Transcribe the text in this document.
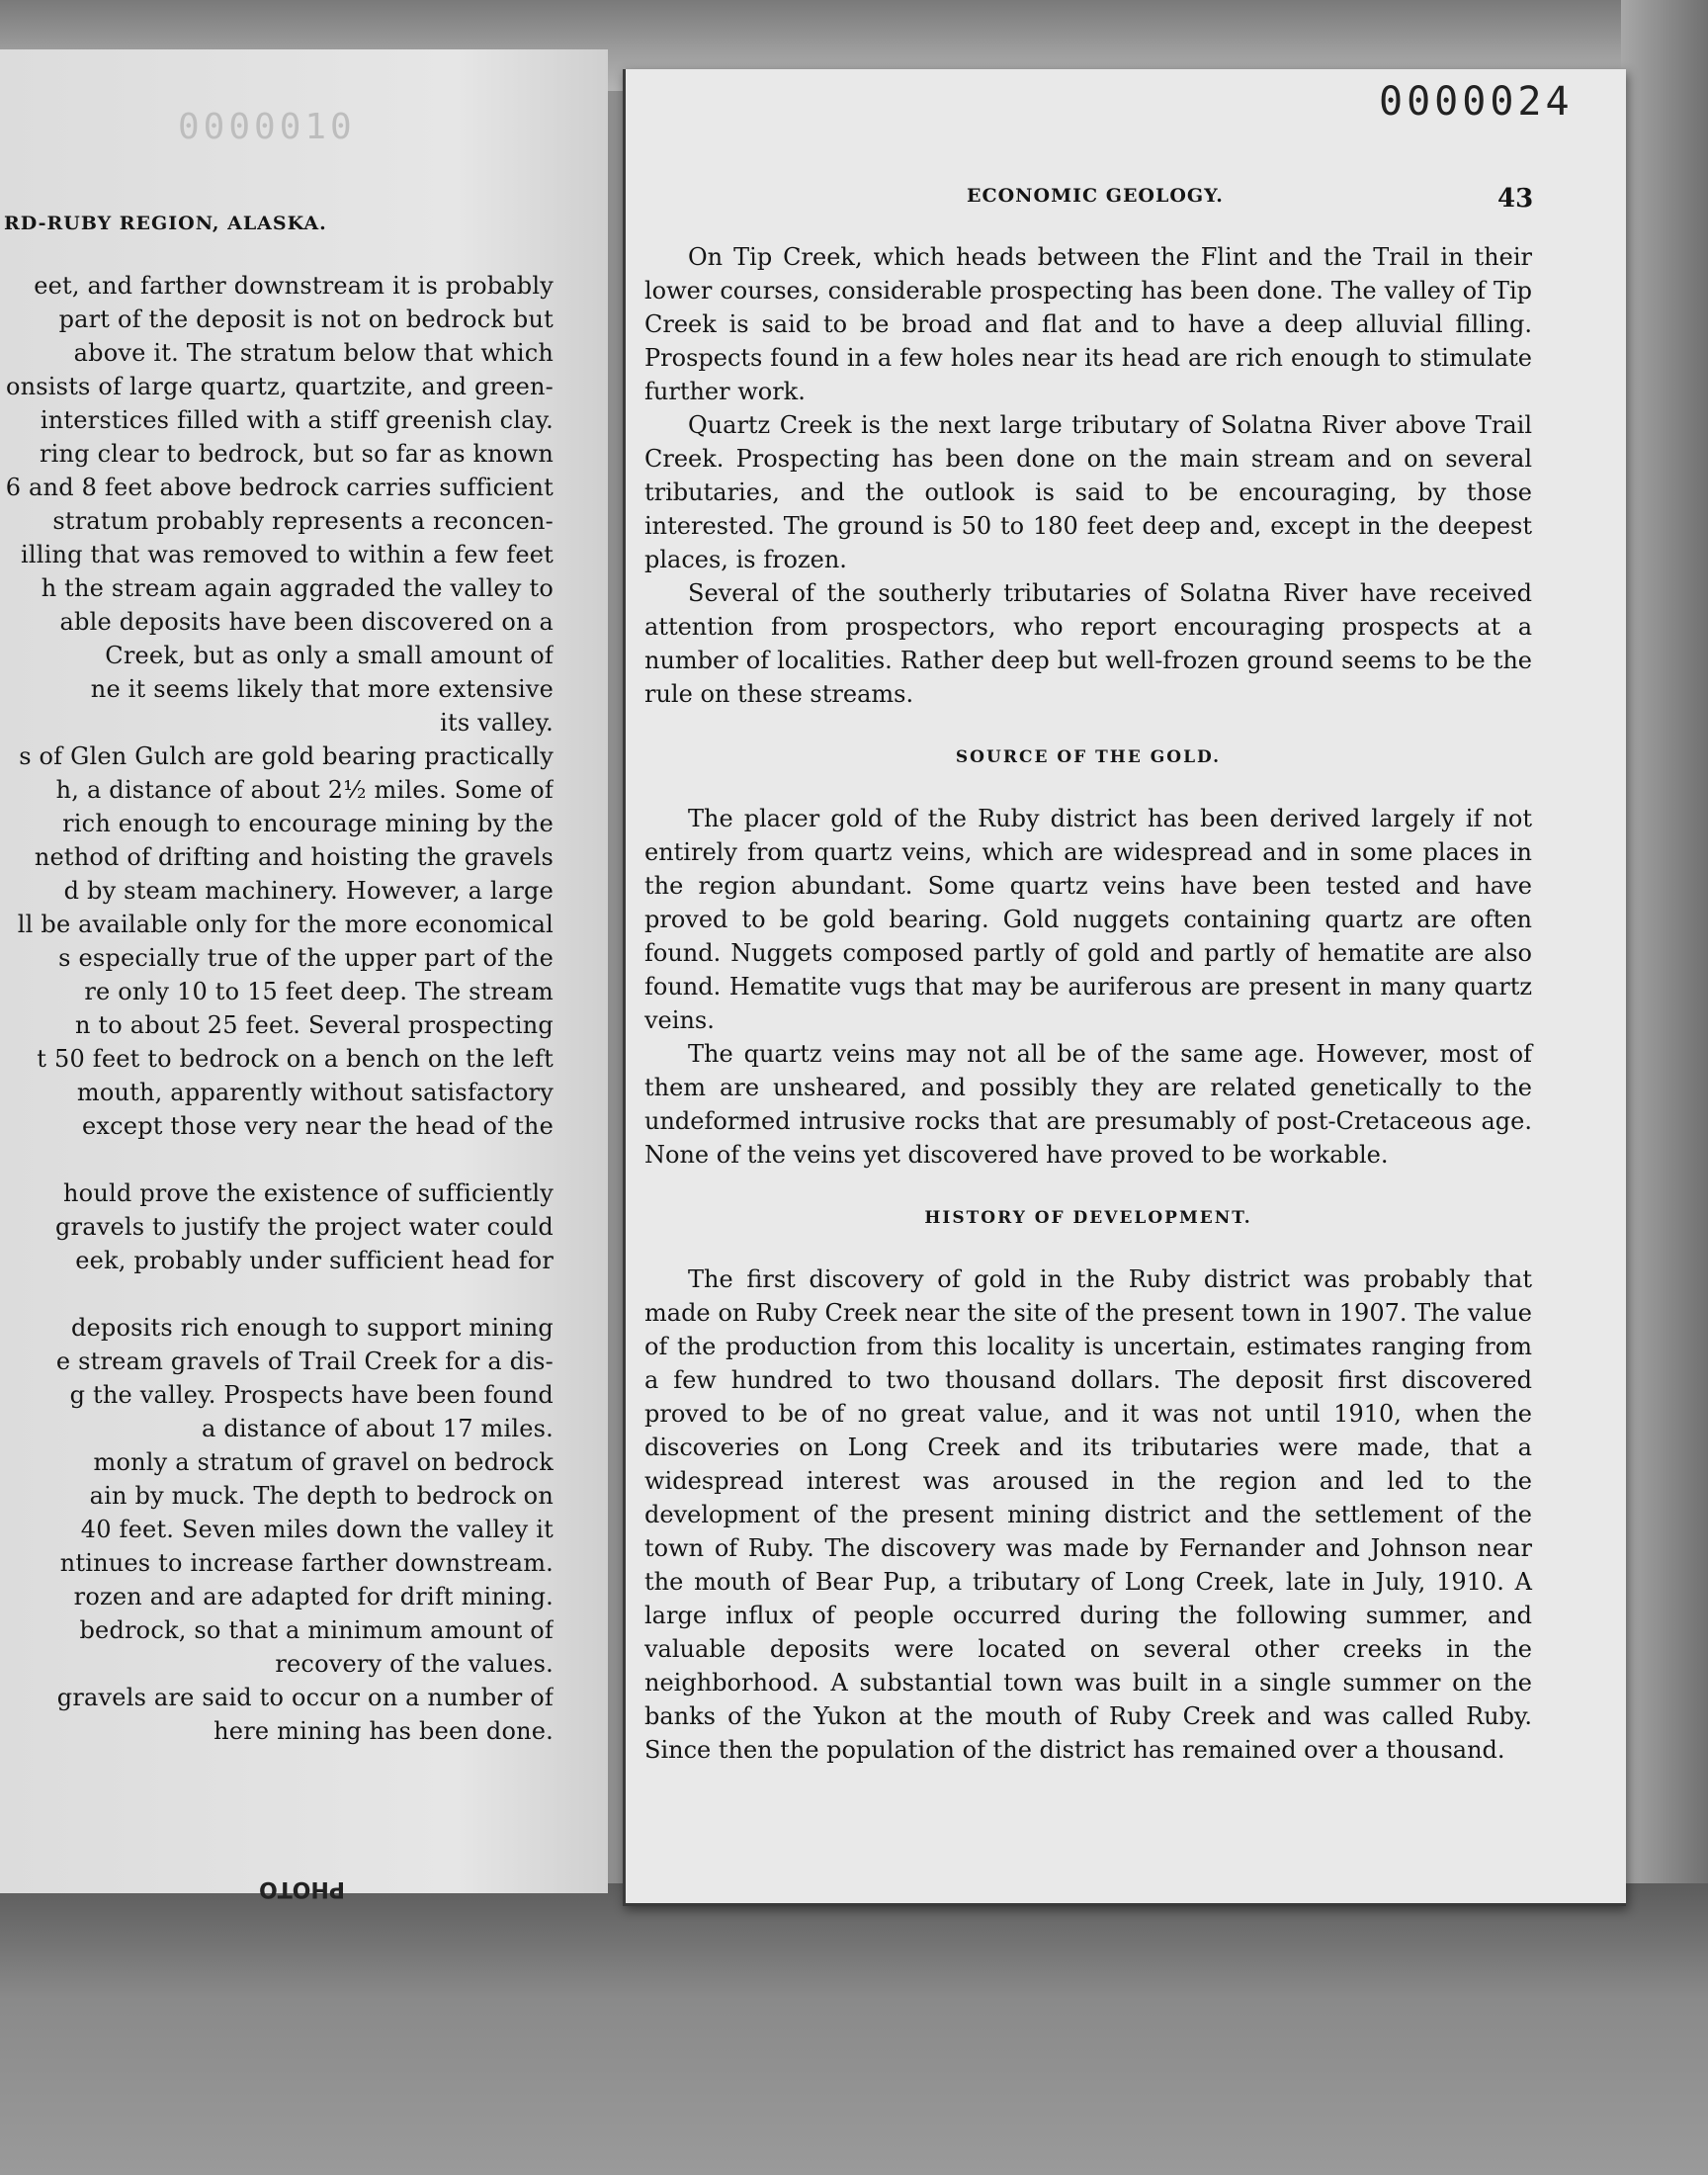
0000010
RD-RUBY REGION, ALASKA.
eet, and farther downstream it is probably
part of the deposit is not on bedrock but
above it. The stratum below that which
onsists of large quartz, quartzite, and green-
interstices filled with a stiff greenish clay.
ring clear to bedrock, but so far as known
6 and 8 feet above bedrock carries sufficient
stratum probably represents a reconcen-
illing that was removed to within a few feet
h the stream again aggraded the valley to
able deposits have been discovered on a
Creek, but as only a small amount of
ne it seems likely that more extensive
its valley.
s of Glen Gulch are gold bearing practically
h, a distance of about 2½ miles. Some of
rich enough to encourage mining by the
nethod of drifting and hoisting the gravels
d by steam machinery. However, a large
ll be available only for the more economical
s especially true of the upper part of the
re only 10 to 15 feet deep. The stream
n to about 25 feet. Several prospecting
t 50 feet to bedrock on a bench on the left
mouth, apparently without satisfactory
except those very near the head of the
hould prove the existence of sufficiently
gravels to justify the project water could
eek, probably under sufficient head for
deposits rich enough to support mining
e stream gravels of Trail Creek for a dis-
g the valley. Prospects have been found
a distance of about 17 miles.
monly a stratum of gravel on bedrock
ain by muck. The depth to bedrock on
40 feet. Seven miles down the valley it
ntinues to increase farther downstream.
rozen and are adapted for drift mining.
bedrock, so that a minimum amount of
recovery of the values.
gravels are said to occur on a number of
here mining has been done.
PHOTO
0000024
ECONOMIC GEOLOGY.	43

On Tip Creek, which heads between the Flint and the Trail in their lower courses, considerable prospecting has been done. The valley of Tip Creek is said to be broad and flat and to have a deep alluvial filling. Prospects found in a few holes near its head are rich enough to stimulate further work.

Quartz Creek is the next large tributary of Solatna River above Trail Creek. Prospecting has been done on the main stream and on several tributaries, and the outlook is said to be encouraging, by those interested. The ground is 50 to 180 feet deep and, except in the deepest places, is frozen.

Several of the southerly tributaries of Solatna River have received attention from prospectors, who report encouraging prospects at a number of localities. Rather deep but well-frozen ground seems to be the rule on these streams.

SOURCE OF THE GOLD.

The placer gold of the Ruby district has been derived largely if not entirely from quartz veins, which are widespread and in some places in the region abundant. Some quartz veins have been tested and have proved to be gold bearing. Gold nuggets containing quartz are often found. Nuggets composed partly of gold and partly of hematite are also found. Hematite vugs that may be auriferous are present in many quartz veins.

The quartz veins may not all be of the same age. However, most of them are unsheared, and possibly they are related genetically to the undeformed intrusive rocks that are presumably of post-Cretaceous age. None of the veins yet discovered have proved to be workable.

HISTORY OF DEVELOPMENT.

The first discovery of gold in the Ruby district was probably that made on Ruby Creek near the site of the present town in 1907. The value of the production from this locality is uncertain, estimates ranging from a few hundred to two thousand dollars. The deposit first discovered proved to be of no great value, and it was not until 1910, when the discoveries on Long Creek and its tributaries were made, that a widespread interest was aroused in the region and led to the development of the present mining district and the settlement of the town of Ruby. The discovery was made by Fernander and Johnson near the mouth of Bear Pup, a tributary of Long Creek, late in July, 1910. A large influx of people occurred during the following summer, and valuable deposits were located on several other creeks in the neighborhood. A substantial town was built in a single summer on the banks of the Yukon at the mouth of Ruby Creek and was called Ruby. Since then the population of the district has remained over a thousand.
